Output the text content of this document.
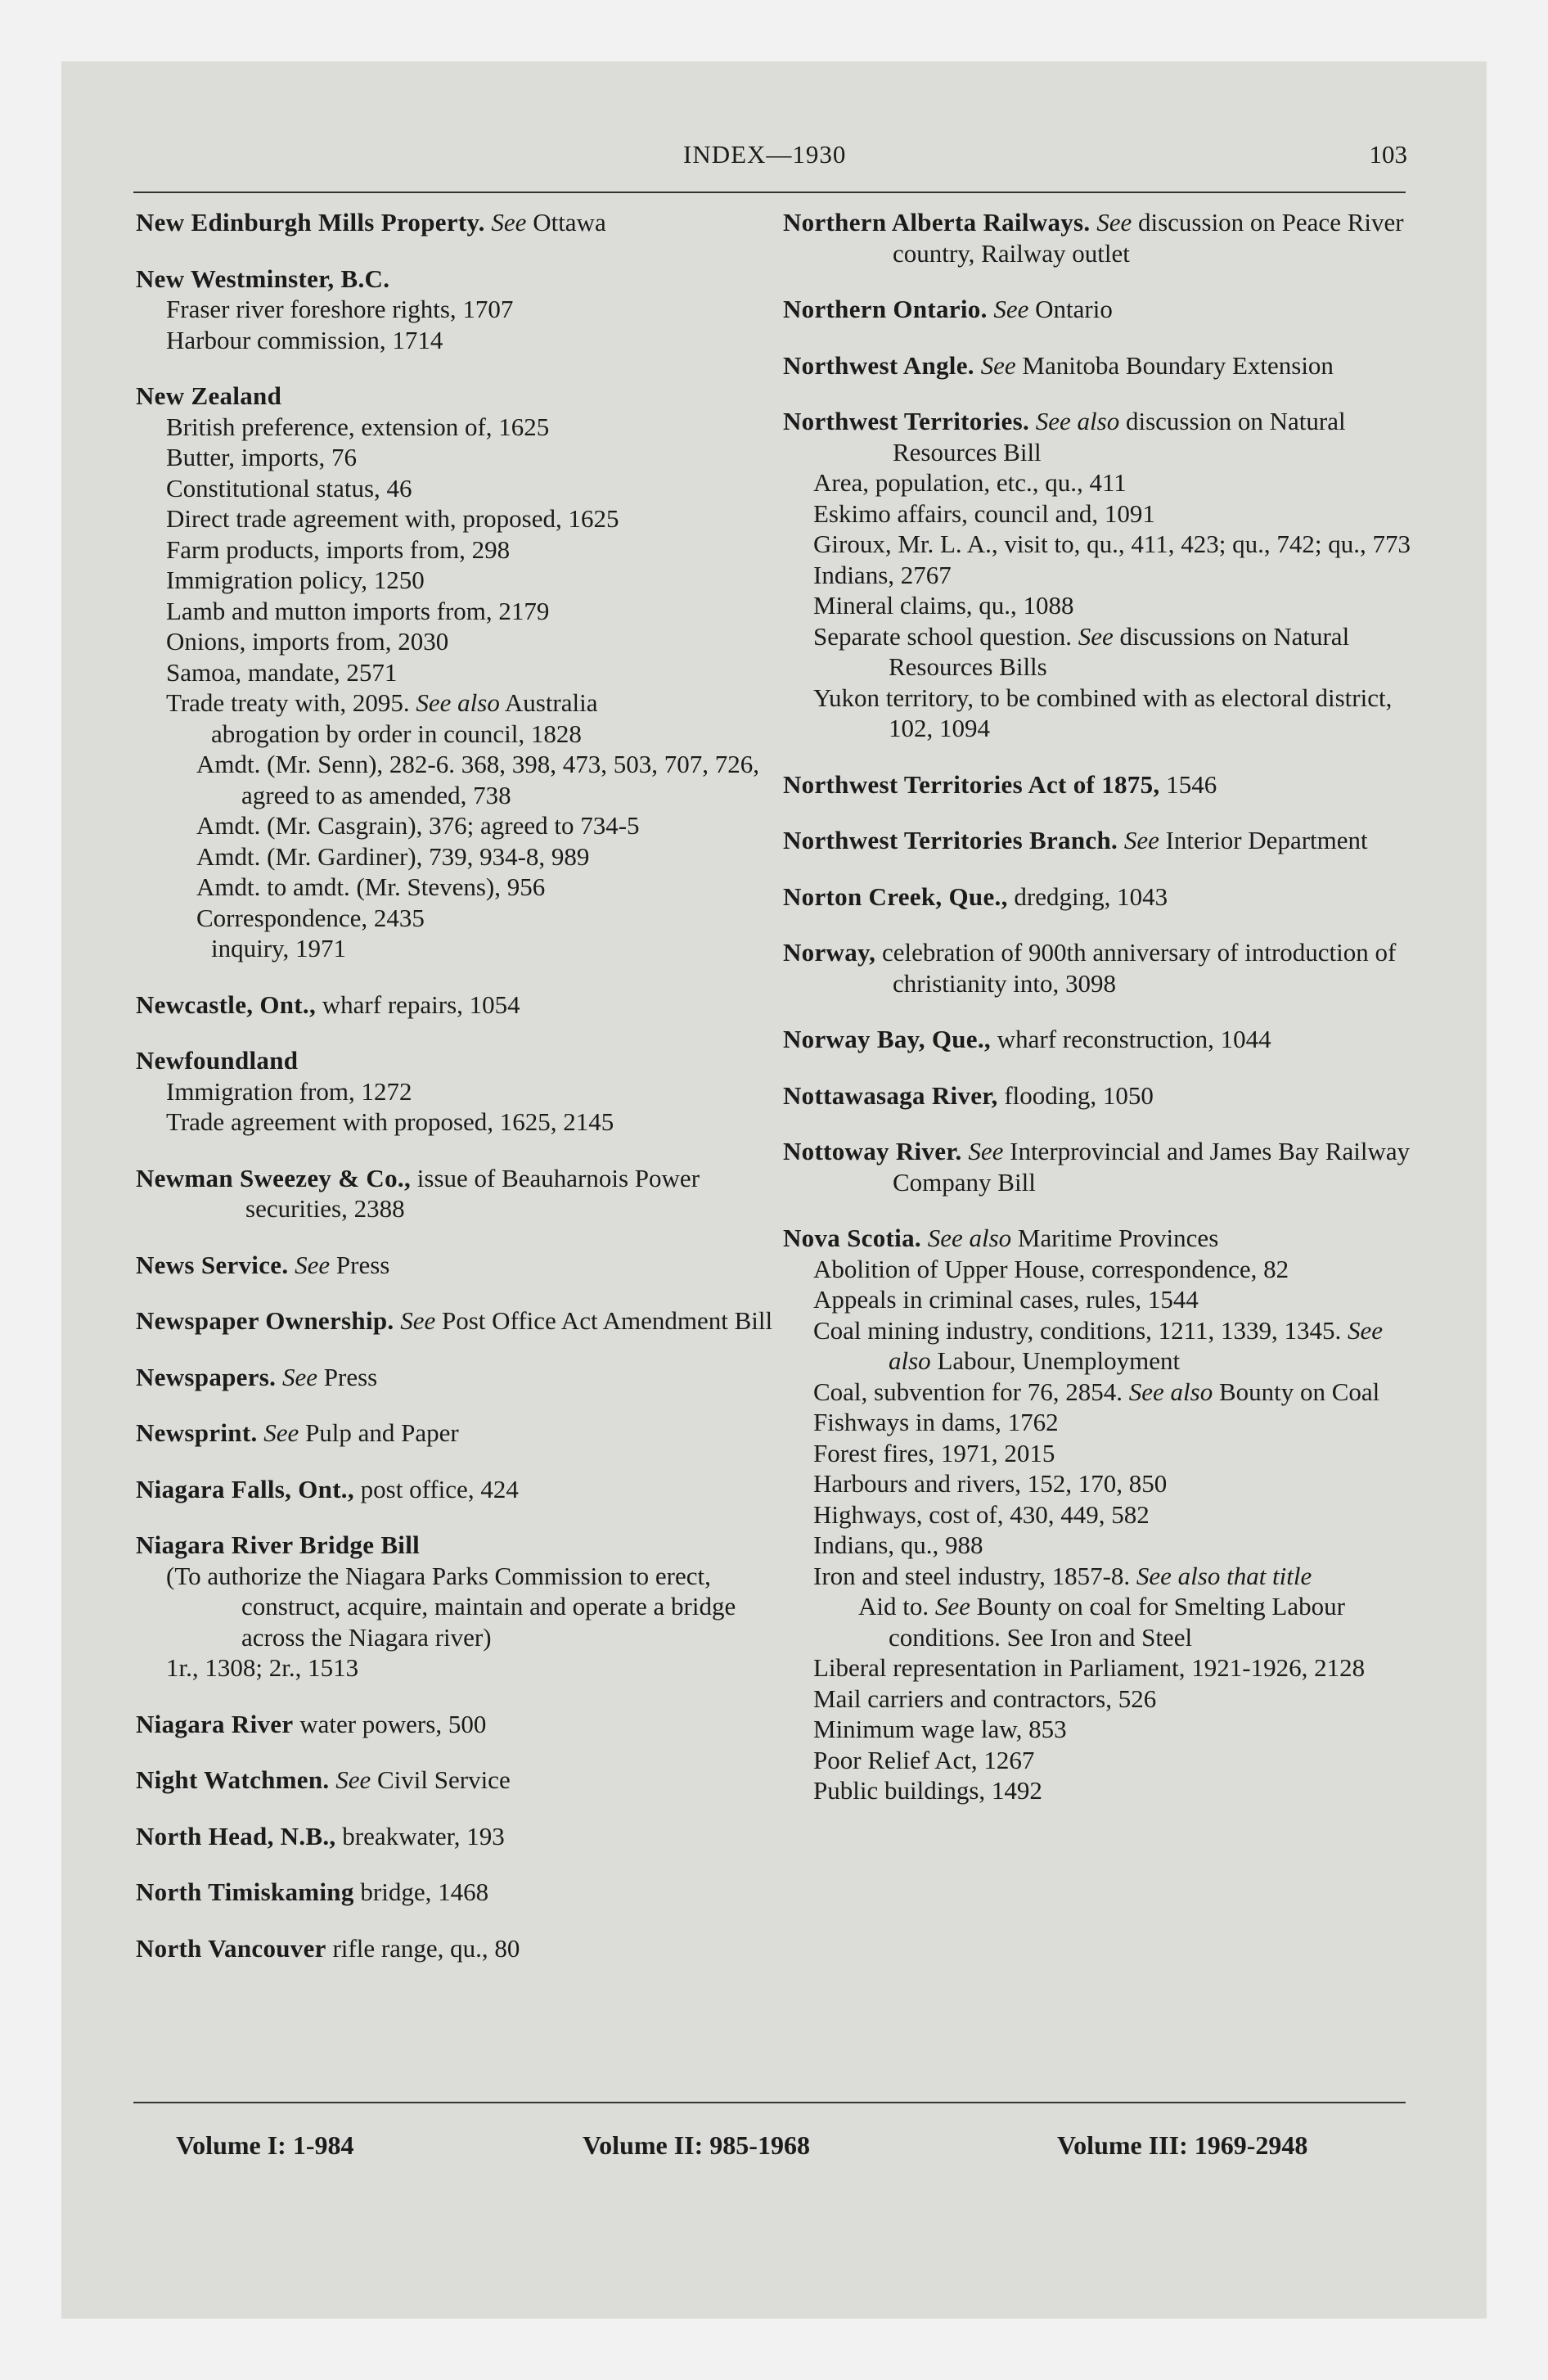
INDEX—1930	103
New Edinburgh Mills Property. See Ottawa
New Westminster, B.C.
Fraser river foreshore rights, 1707
Harbour commission, 1714
New Zealand
British preference, extension of, 1625
Butter, imports, 76
Constitutional status, 46
Direct trade agreement with, proposed, 1625
Farm products, imports from, 298
Immigration policy, 1250
Lamb and mutton imports from, 2179
Onions, imports from, 2030
Samoa, mandate, 2571
Trade treaty with, 2095. See also Australia
abrogation by order in council, 1828
Amdt. (Mr. Senn), 282-6. 368, 398, 473, 503, 707, 726, agreed to as amended, 738
Amdt. (Mr. Casgrain), 376; agreed to 734-5
Amdt. (Mr. Gardiner), 739, 934-8, 989
Amdt. to amdt. (Mr. Stevens), 956
Correspondence, 2435
inquiry, 1971
Newcastle, Ont., wharf repairs, 1054
Newfoundland
Immigration from, 1272
Trade agreement with proposed, 1625, 2145
Newman Sweezey & Co., issue of Beauharnois Power securities, 2388
News Service. See Press
Newspaper Ownership. See Post Office Act Amendment Bill
Newspapers. See Press
Newsprint. See Pulp and Paper
Niagara Falls, Ont., post office, 424
Niagara River Bridge Bill
(To authorize the Niagara Parks Commission to erect, construct, acquire, maintain and operate a bridge across the Niagara river)
1r., 1308; 2r., 1513
Niagara River water powers, 500
Night Watchmen. See Civil Service
North Head, N.B., breakwater, 193
North Timiskaming bridge, 1468
North Vancouver rifle range, qu., 80
Northern Alberta Railways. See discussion on Peace River country, Railway outlet
Northern Ontario. See Ontario
Northwest Angle. See Manitoba Boundary Extension
Northwest Territories. See also discussion on Natural Resources Bill
Area, population, etc., qu., 411
Eskimo affairs, council and, 1091
Giroux, Mr. L. A., visit to, qu., 411, 423; qu., 742; qu., 773
Indians, 2767
Mineral claims, qu., 1088
Separate school question. See discussions on Natural Resources Bills
Yukon territory, to be combined with as electoral district, 102, 1094
Northwest Territories Act of 1875, 1546
Northwest Territories Branch. See Interior Department
Norton Creek, Que., dredging, 1043
Norway, celebration of 900th anniversary of introduction of christianity into, 3098
Norway Bay, Que., wharf reconstruction, 1044
Nottawasaga River, flooding, 1050
Nottoway River. See Interprovincial and James Bay Railway Company Bill
Nova Scotia. See also Maritime Provinces
Abolition of Upper House, correspondence, 82
Appeals in criminal cases, rules, 1544
Coal mining industry, conditions, 1211, 1339, 1345. See also Labour, Unemployment
Coal, subvention for 76, 2854. See also Bounty on Coal
Fishways in dams, 1762
Forest fires, 1971, 2015
Harbours and rivers, 152, 170, 850
Highways, cost of, 430, 449, 582
Indians, qu., 988
Iron and steel industry, 1857-8. See also that title
Aid to. See Bounty on coal for Smelting Labour conditions. See Iron and Steel
Liberal representation in Parliament, 1921-1926, 2128
Mail carriers and contractors, 526
Minimum wage law, 853
Poor Relief Act, 1267
Public buildings, 1492
Volume I: 1-984	Volume II: 985-1968	Volume III: 1969-2948
